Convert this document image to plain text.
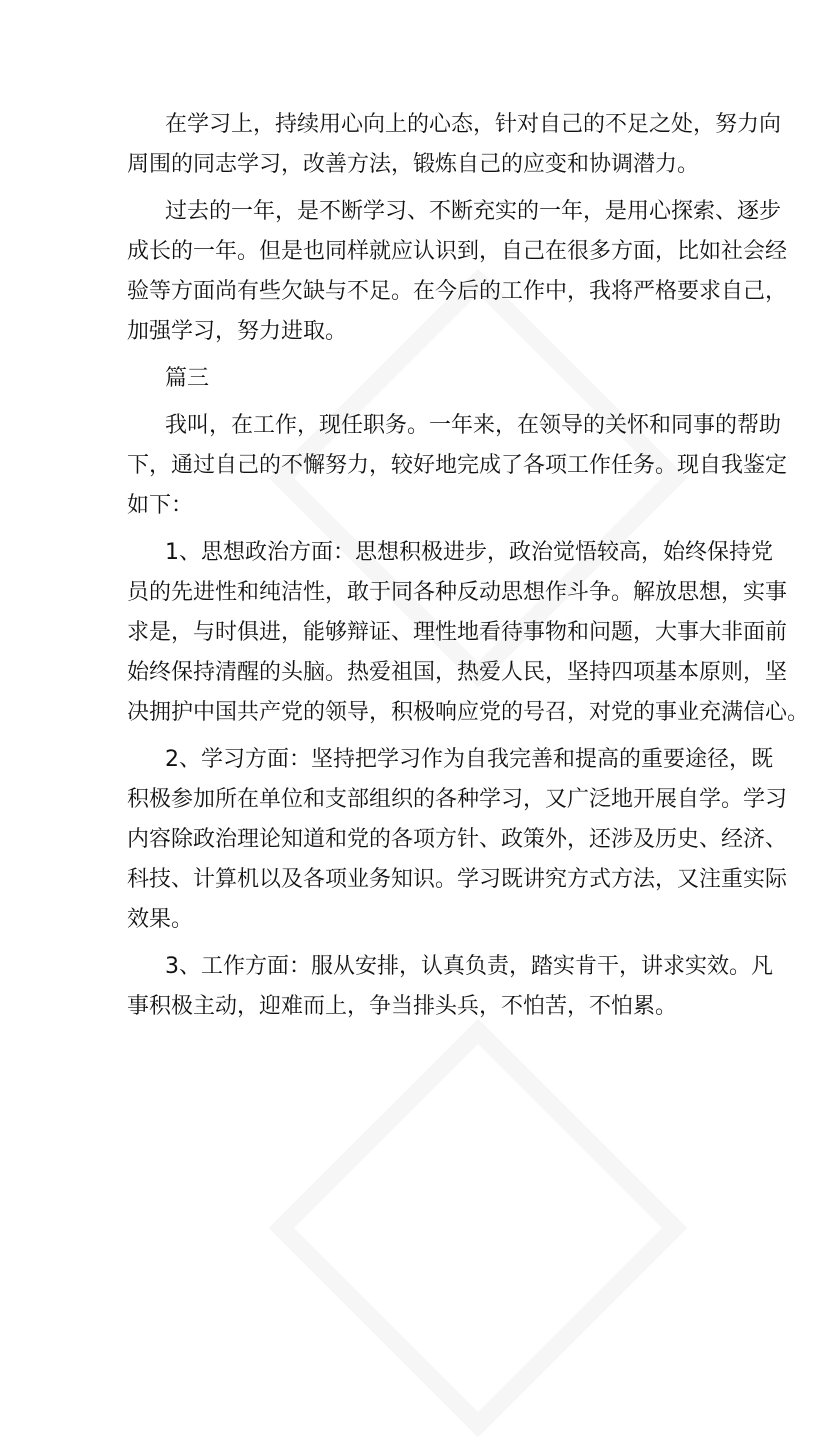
在学习上，持续用心向上的心态，针对自己的不足之处，努力向
周围的同志学习，改善方法，锻炼自己的应变和协调潜力。
过去的一年，是不断学习、不断充实的一年，是用心探索、逐步
成长的一年。但是也同样就应认识到，自己在很多方面，比如社会经
验等方面尚有些欠缺与不足。在今后的工作中，我将严格要求自己，
加强学习，努力进取。
篇三
我叫，在工作，现任职务。一年来，在领导的关怀和同事的帮助
下，通过自己的不懈努力，较好地完成了各项工作任务。现自我鉴定
如下：
1、思想政治方面：思想积极进步，政治觉悟较高，始终保持党
员的先进性和纯洁性，敢于同各种反动思想作斗争。解放思想，实事
求是，与时俱进，能够辩证、理性地看待事物和问题，大事大非面前
始终保持清醒的头脑。热爱祖国，热爱人民，坚持四项基本原则，坚
决拥护中国共产党的领导，积极响应党的号召，对党的事业充满信心。
2、学习方面：坚持把学习作为自我完善和提高的重要途径，既
积极参加所在单位和支部组织的各种学习，又广泛地开展自学。学习
内容除政治理论知道和党的各项方针、政策外，还涉及历史、经济、
科技、计算机以及各项业务知识。学习既讲究方式方法，又注重实际
效果。
3、工作方面：服从安排，认真负责，踏实肯干，讲求实效。凡
事积极主动，迎难而上，争当排头兵，不怕苦，不怕累。
